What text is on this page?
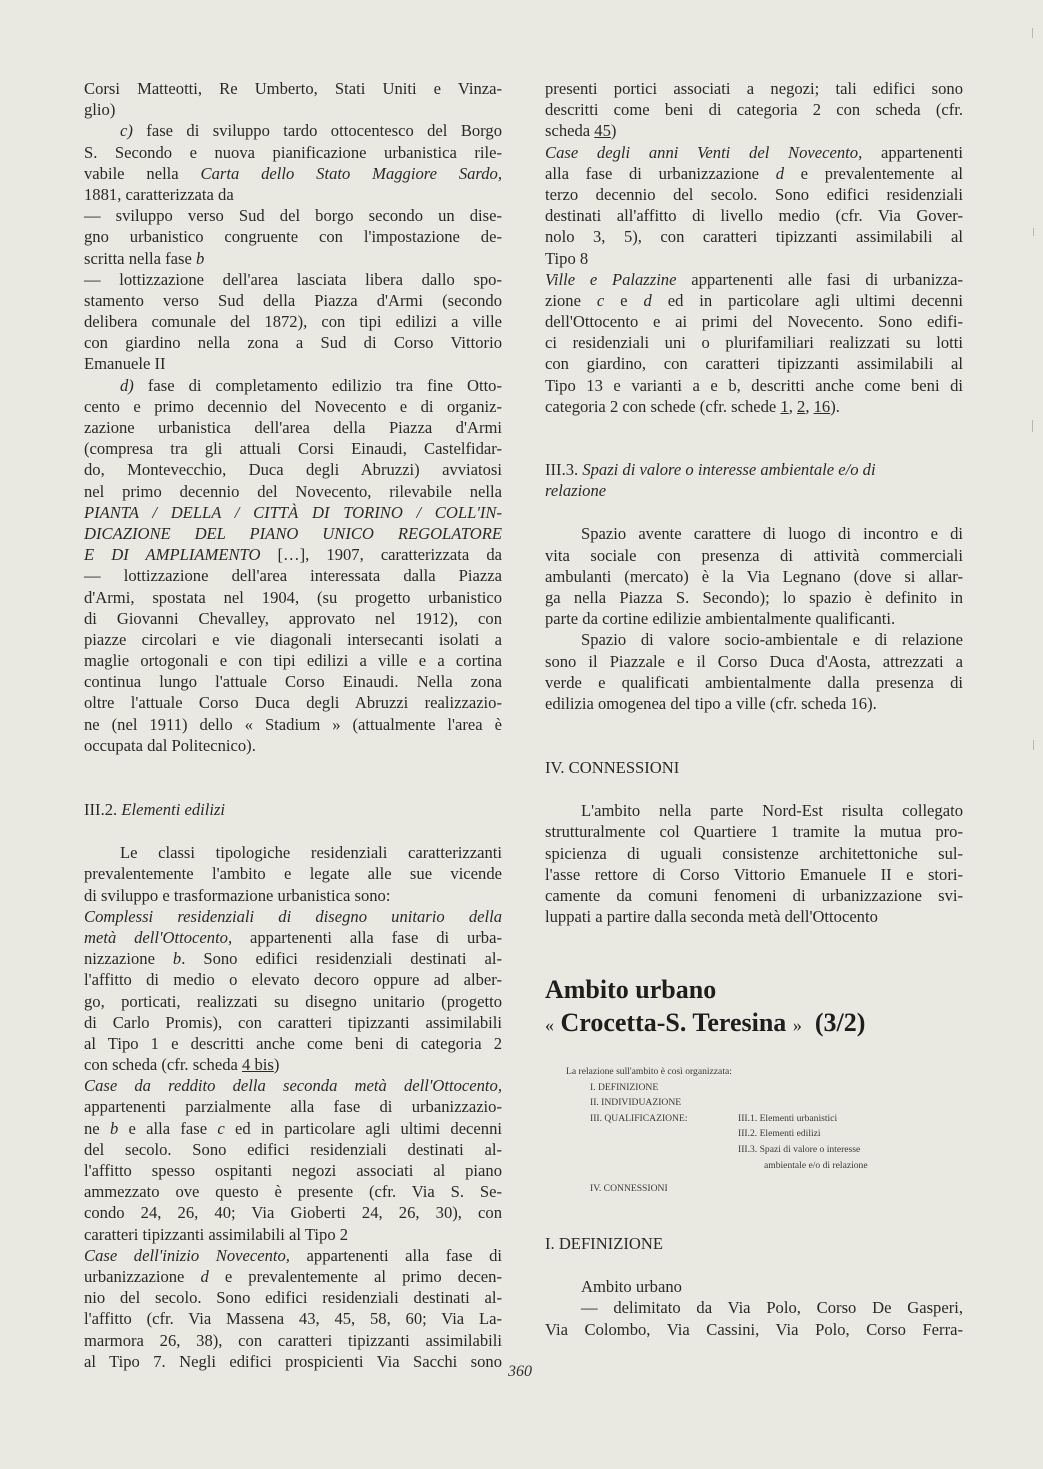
Corsi Matteotti, Re Umberto, Stati Uniti e Vinza-
glio)
c) fase di sviluppo tardo ottocentesco del Borgo
S. Secondo e nuova pianificazione urbanistica rile-
vabile nella Carta dello Stato Maggiore Sardo,
1881, caratterizzata da
— sviluppo verso Sud del borgo secondo un dise-
gno urbanistico congruente con l'impostazione de-
scritta nella fase b
— lottizzazione dell'area lasciata libera dallo spo-
stamento verso Sud della Piazza d'Armi (secondo
delibera comunale del 1872), con tipi edilizi a ville
con giardino nella zona a Sud di Corso Vittorio
Emanuele II
d) fase di completamento edilizio tra fine Otto-
cento e primo decennio del Novecento e di organiz-
zazione urbanistica dell'area della Piazza d'Armi
(compresa tra gli attuali Corsi Einaudi, Castelfidar-
do, Montevecchio, Duca degli Abruzzi) avviatosi
nel primo decennio del Novecento, rilevabile nella
PIANTA / DELLA / CITTÀ DI TORINO / COLL'IN-
DICAZIONE DEL PIANO UNICO REGOLATORE
E DI AMPLIAMENTO […], 1907, caratterizzata da
— lottizzazione dell'area interessata dalla Piazza
d'Armi, spostata nel 1904, (su progetto urbanistico
di Giovanni Chevalley, approvato nel 1912), con
piazze circolari e vie diagonali intersecanti isolati a
maglie ortogonali e con tipi edilizi a ville e a cortina
continua lungo l'attuale Corso Einaudi. Nella zona
oltre l'attuale Corso Duca degli Abruzzi realizzazio-
ne (nel 1911) dello « Stadium » (attualmente l'area è
occupata dal Politecnico).
III.2. Elementi edilizi
Le classi tipologiche residenziali caratterizzanti
prevalentemente l'ambito e legate alle sue vicende
di sviluppo e trasformazione urbanistica sono:
Complessi residenziali di disegno unitario della
metà dell'Ottocento, appartenenti alla fase di urba-
nizzazione b. Sono edifici residenziali destinati al-
l'affitto di medio o elevato decoro oppure ad alber-
go, porticati, realizzati su disegno unitario (progetto
di Carlo Promis), con caratteri tipizzanti assimilabili
al Tipo 1 e descritti anche come beni di categoria 2
con scheda (cfr. scheda 4 bis)
Case da reddito della seconda metà dell'Ottocento,
appartenenti parzialmente alla fase di urbanizzazio-
ne b e alla fase c ed in particolare agli ultimi decenni
del secolo. Sono edifici residenziali destinati al-
l'affitto spesso ospitanti negozi associati al piano
ammezzato ove questo è presente (cfr. Via S. Se-
condo 24, 26, 40; Via Gioberti 24, 26, 30), con
caratteri tipizzanti assimilabili al Tipo 2
Case dell'inizio Novecento, appartenenti alla fase di
urbanizzazione d e prevalentemente al primo decen-
nio del secolo. Sono edifici residenziali destinati al-
l'affitto (cfr. Via Massena 43, 45, 58, 60; Via La-
marmora 26, 38), con caratteri tipizzanti assimilabili
al Tipo 7. Negli edifici prospicienti Via Sacchi sono
presenti portici associati a negozi; tali edifici sono
descritti come beni di categoria 2 con scheda (cfr.
scheda 45)
Case degli anni Venti del Novecento, appartenenti
alla fase di urbanizzazione d e prevalentemente al
terzo decennio del secolo. Sono edifici residenziali
destinati all'affitto di livello medio (cfr. Via Gover-
nolo 3, 5), con caratteri tipizzanti assimilabili al
Tipo 8
Ville e Palazzine appartenenti alle fasi di urbanizza-
zione c e d ed in particolare agli ultimi decenni
dell'Ottocento e ai primi del Novecento. Sono edifi-
ci residenziali uni o plurifamiliari realizzati su lotti
con giardino, con caratteri tipizzanti assimilabili al
Tipo 13 e varianti a e b, descritti anche come beni di
categoria 2 con schede (cfr. schede 1, 2, 16).
III.3. Spazi di valore o interesse ambientale e/o di
relazione
Spazio avente carattere di luogo di incontro e di
vita sociale con presenza di attività commerciali
ambulanti (mercato) è la Via Legnano (dove si allar-
ga nella Piazza S. Secondo); lo spazio è definito in
parte da cortine edilizie ambientalmente qualificanti.
Spazio di valore socio-ambientale e di relazione
sono il Piazzale e il Corso Duca d'Aosta, attrezzati a
verde e qualificati ambientalmente dalla presenza di
edilizia omogenea del tipo a ville (cfr. scheda 16).
IV. CONNESSIONI
L'ambito nella parte Nord-Est risulta collegato
strutturalmente col Quartiere 1 tramite la mutua pro-
spicienza di uguali consistenze architettoniche sul-
l'asse rettore di Corso Vittorio Emanuele II e stori-
camente da comuni fenomeni di urbanizzazione svi-
luppati a partire dalla seconda metà dell'Ottocento
Ambito urbano
« Crocetta-S. Teresina »  (3/2)
La relazione sull'ambito è così organizzata:
I. DEFINIZIONE
II. INDIVIDUAZIONE
III. QUALIFICAZIONE:	III.1. Elementi urbanistici
III.2. Elementi edilizi
III.3. Spazi di valore o interesse
ambientale e/o di relazione
IV. CONNESSIONI
I. DEFINIZIONE
Ambito urbano
— delimitato da Via Polo, Corso De Gasperi,
Via Colombo, Via Cassini, Via Polo, Corso Ferra-
360
